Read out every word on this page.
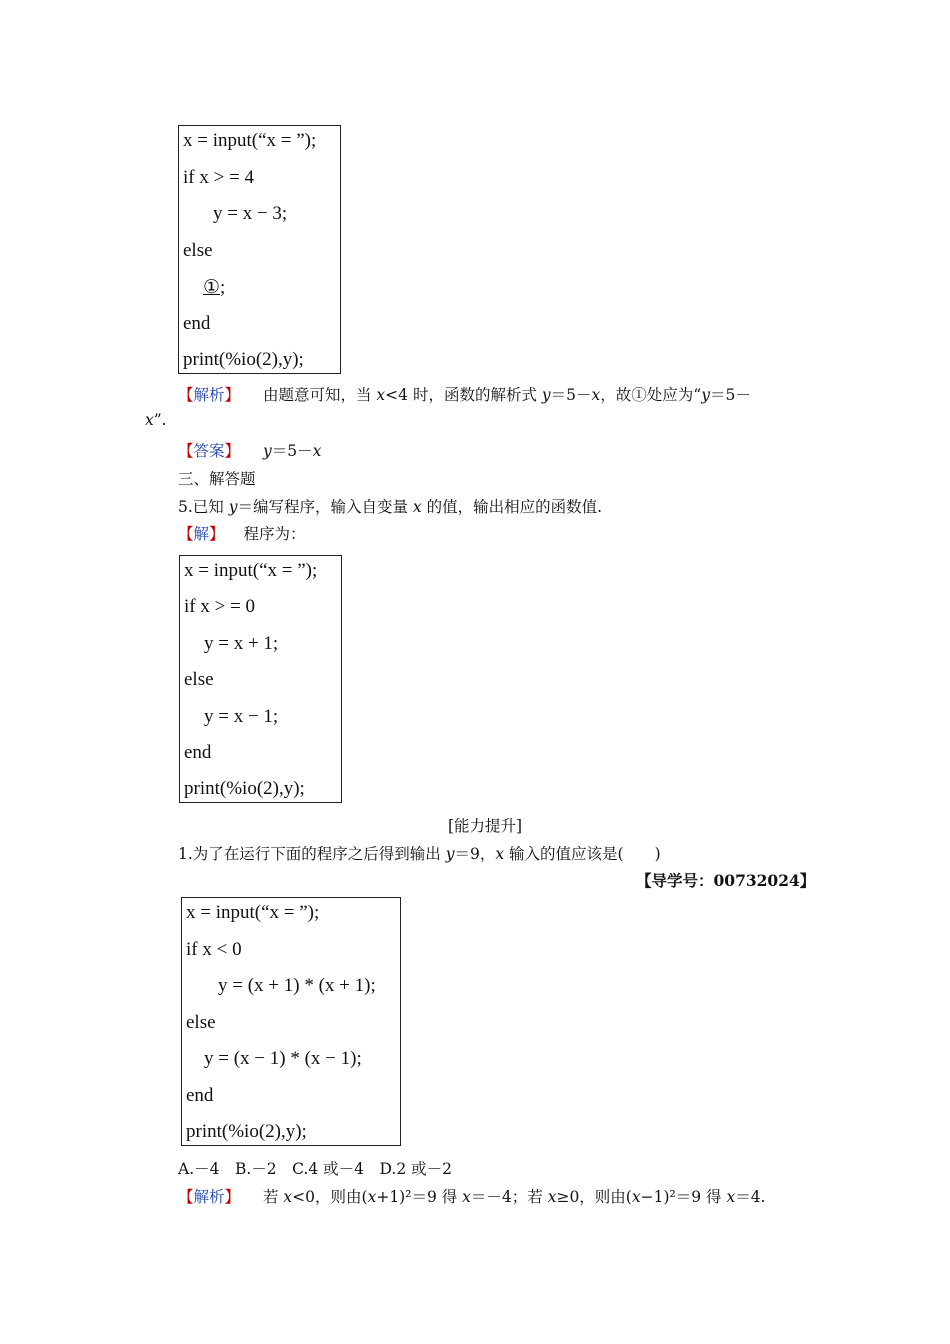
x = input(“x = ”);
if x > = 4
y = x − 3;
else
①;
end
print(%io(2),y);
【解析】 由题意可知，当 x<4 时，函数的解析式 y＝5－x，故①处应为“y＝5－
x”.
【答案】 y＝5－x
三、解答题
5.已知 y＝编写程序，输入自变量 x 的值，输出相应的函数值.
【解】 程序为：
x = input(“x = ”);
if x > = 0
y = x + 1;
else
y = x − 1;
end
print(%io(2),y);
[能力提升]
1.为了在运行下面的程序之后得到输出 y＝9，x 输入的值应该是(　　)
【导学号：00732024】
x = input(“x = ”);
if x < 0
y = (x + 1) * (x + 1);
else
y = (x − 1) * (x − 1);
end
print(%io(2),y);
A.－4　B.－2　C.4 或－4　D.2 或－2
【解析】 若 x<0，则由(x+1)²＝9 得 x＝－4；若 x≥0，则由(x−1)²＝9 得 x＝4.
